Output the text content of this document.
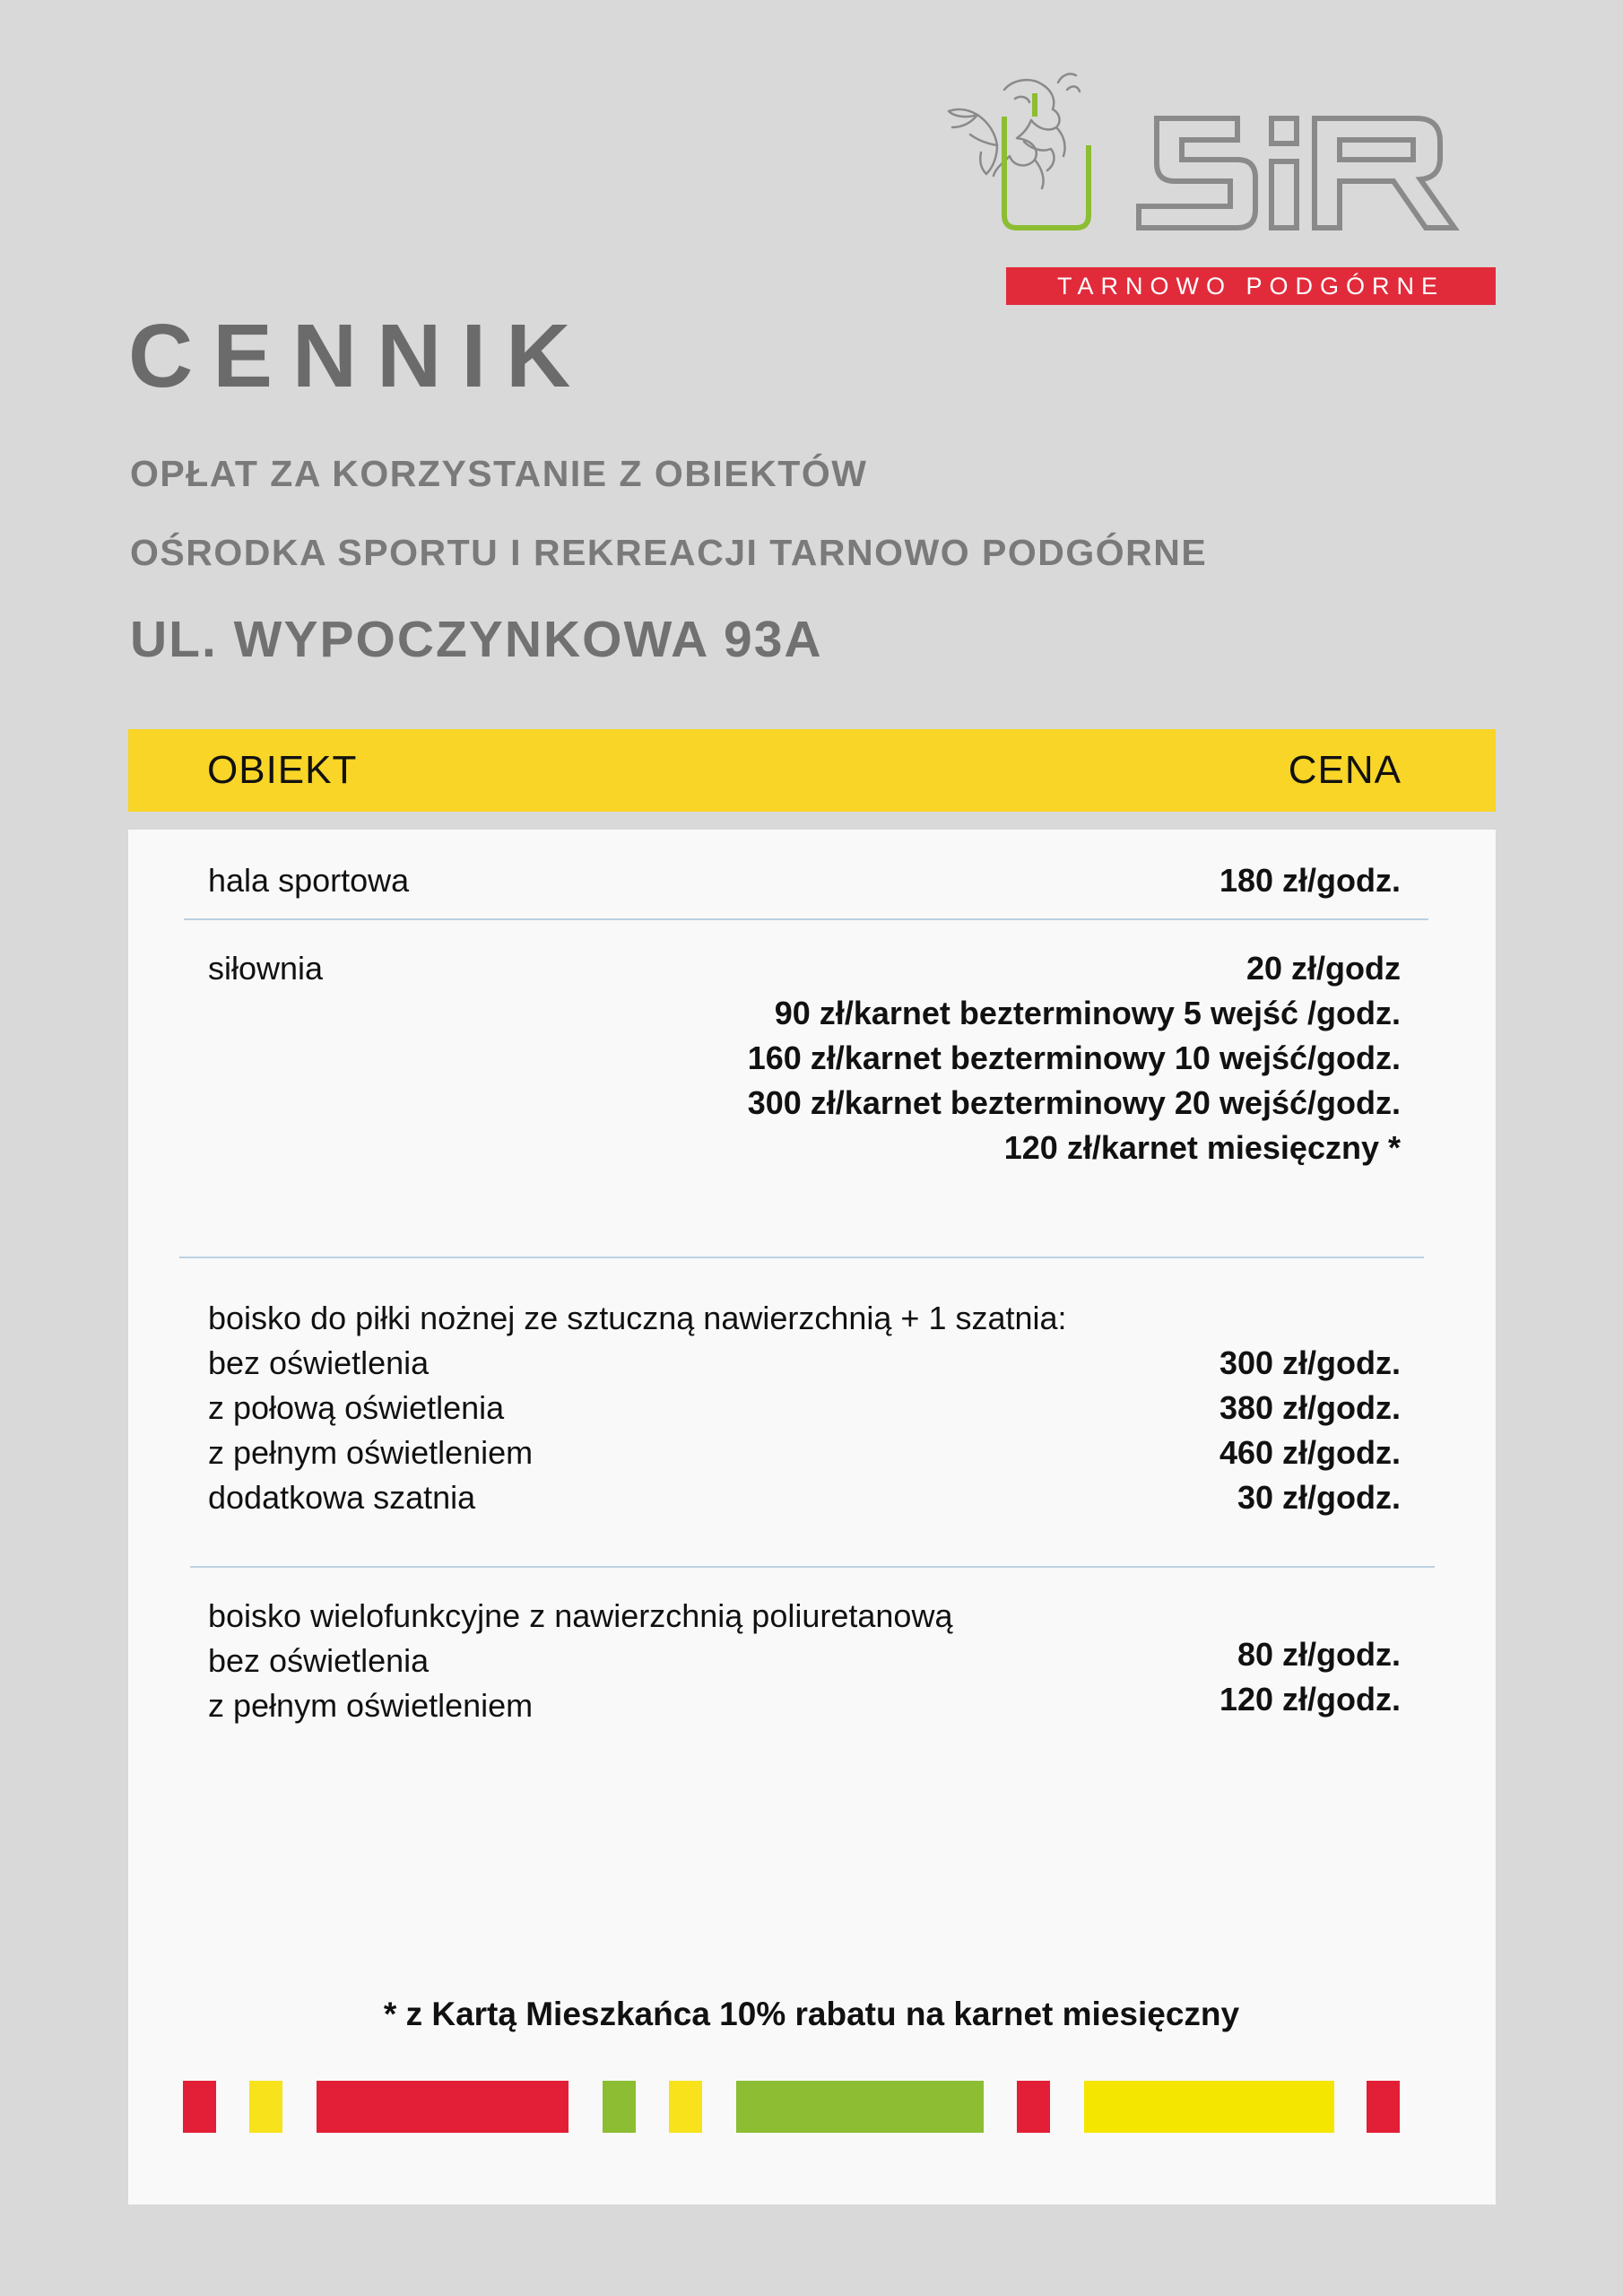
TARNOWO PODGÓRNE
CENNIK
OPŁAT ZA KORZYSTANIE Z OBIEKTÓW
OŚRODKA SPORTU I REKREACJI TARNOWO PODGÓRNE
UL. WYPOCZYNKOWA 93A
OBIEKT	CENA
hala sportowa	180 zł/godz.
siłownia	20 zł/godz
90 zł/karnet bezterminowy 5 wejść /godz.
160 zł/karnet bezterminowy 10 wejść/godz.
300 zł/karnet bezterminowy 20 wejść/godz.
120 zł/karnet miesięczny *
boisko do piłki nożnej ze sztuczną nawierzchnią + 1 szatnia:
bez oświetlenia	300 zł/godz.
z połową oświetlenia	380 zł/godz.
z pełnym oświetleniem	460 zł/godz.
dodatkowa szatnia	30 zł/godz.
boisko wielofunkcyjne z nawierzchnią poliuretanową
bez oświetlenia	80 zł/godz.
z pełnym oświetleniem	120 zł/godz.
* z Kartą Mieszkańca 10% rabatu na karnet miesięczny
